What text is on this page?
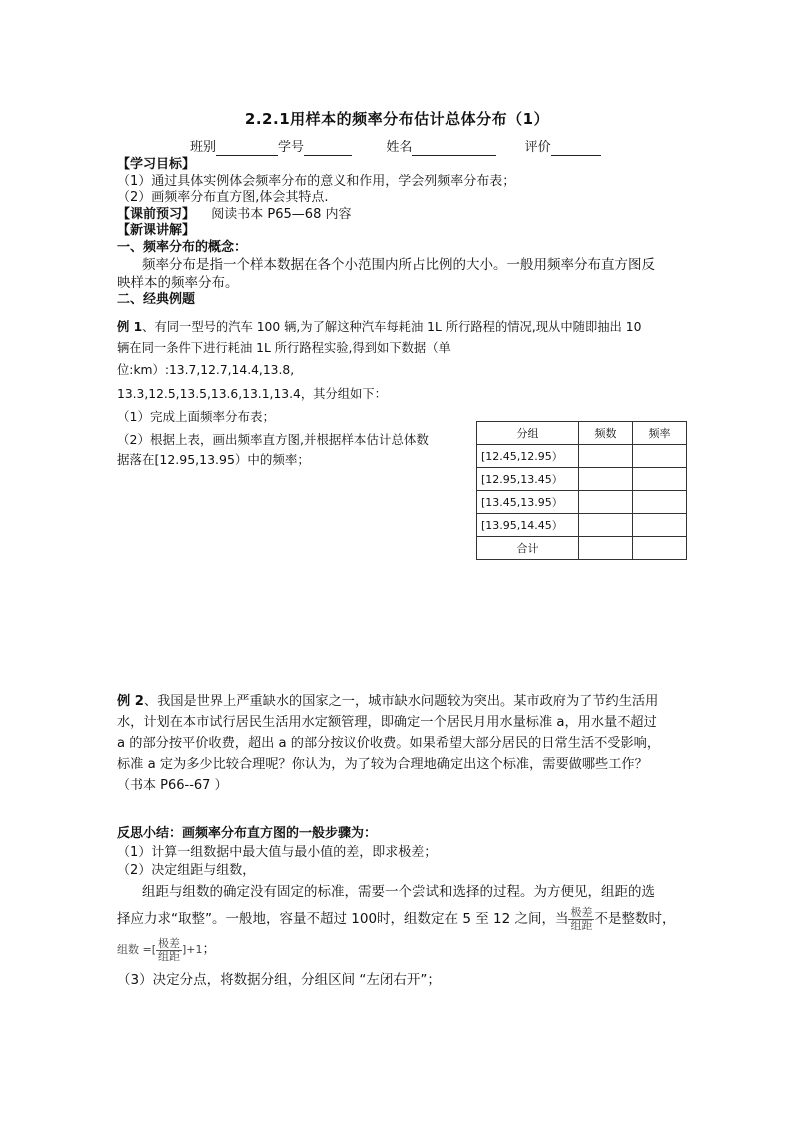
2.2.1用样本的频率分布估计总体分布（1）
班别	学号	姓名	评价
【学习目标】
（1）通过具体实例体会频率分布的意义和作用，学会列频率分布表；
（2）画频率分布直方图,体会其特点.
【课前预习】 阅读书本 P65—68 内容
【新课讲解】
一、频率分布的概念：
频率分布是指一个样本数据在各个小范围内所占比例的大小。一般用频率分布直方图反
映样本的频率分布。
二、经典例题
例 1、有同一型号的汽车 100 辆,为了解这种汽车每耗油 1L 所行路程的情况,现从中随即抽出 10
辆在同一条件下进行耗油 1L 所行路程实验,得到如下数据（单
位:km）:13.7,12.7,14.4,13.8,
13.3,12.5,13.5,13.6,13.1,13.4，其分组如下：
（1）完成上面频率分布表；
（2）根据上表，画出频率直方图,并根据样本估计总体数
据落在[12.95,13.95）中的频率；
分组	频数	频率
[12.45,12.95）		
[12.95,13.45）		
[13.45,13.95）		
[13.95,14.45）		
合计		
例 2、我国是世界上严重缺水的国家之一，城市缺水问题较为突出。某市政府为了节约生活用
水，计划在本市试行居民生活用水定额管理，即确定一个居民月用水量标准 a，用水量不超过
a 的部分按平价收费，超出 a 的部分按议价收费。如果希望大部分居民的日常生活不受影响，
标准 a 定为多少比较合理呢？你认为，为了较为合理地确定出这个标准，需要做哪些工作？
（书本 P66--67 ）
反思小结：画频率分布直方图的一般步骤为：
（1）计算一组数据中最大值与最小值的差，即求极差；
（2）决定组距与组数，
组距与组数的确定没有固定的标准，需要一个尝试和选择的过程。为方便见，组距的选
择应力求“取整”。一般地，容量不超过 100时，组数定在 5 至 12 之间，当 $\frac{\text{极差}}{\text{组距}}$ 不是整数时，
组数 =[ $\frac{\text{极差}}{\text{组距}} ]+1$；
（3）决定分点，将数据分组，分组区间 “左闭右开”；
